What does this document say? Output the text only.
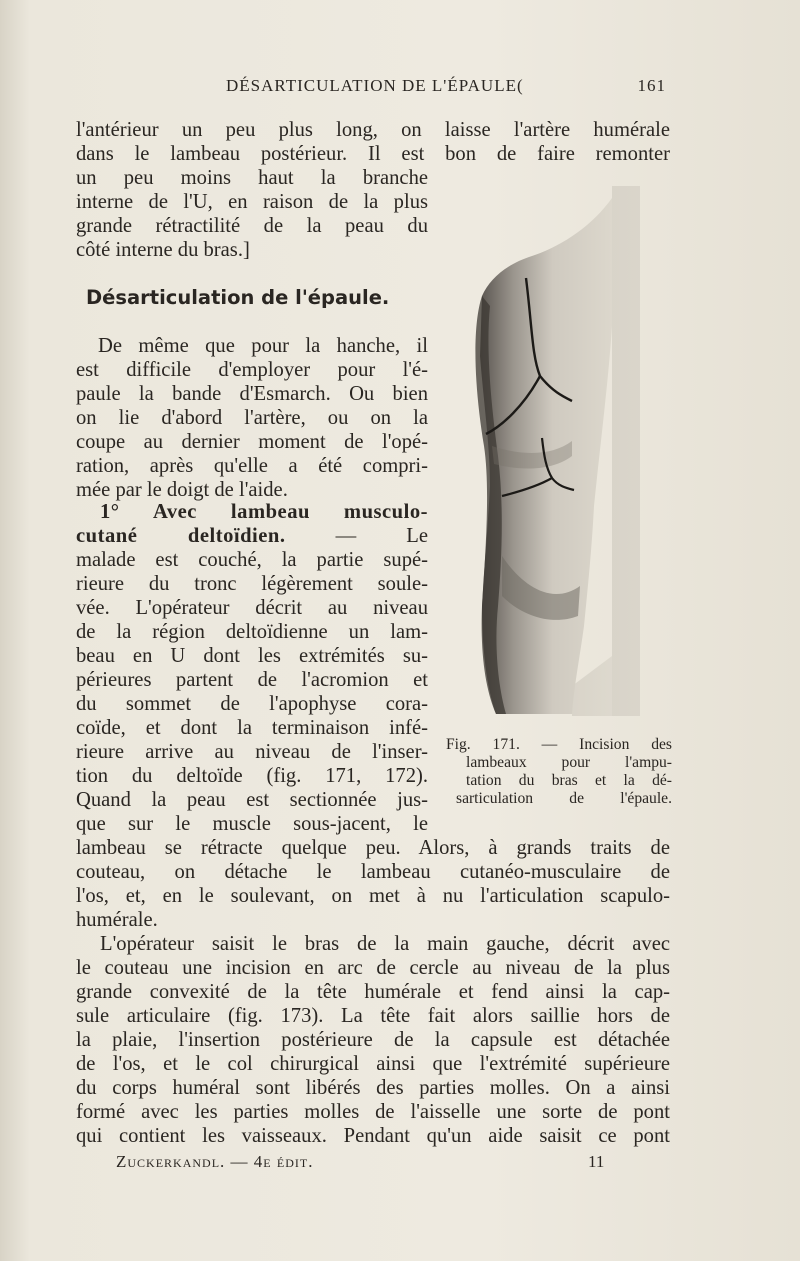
DÉSARTICULATION DE L'ÉPAULE(	161
l'antérieur un peu plus long, on laisse l'artère humérale
dans le lambeau postérieur. Il est bon de faire remonter
un peu moins haut la branche
interne de l'U, en raison de la plus
grande rétractilité de la peau du
côté interne du bras.]
Désarticulation de l'épaule.
De même que pour la hanche, il
est difficile d'employer pour l'é-
paule la bande d'Esmarch. Ou bien
on lie d'abord l'artère, ou on la
coupe au dernier moment de l'opé-
ration, après qu'elle a été compri-
mée par le doigt de l'aide.
1° Avec lambeau musculo-
cutané deltoïdien. — Le
malade est couché, la partie supé-
rieure du tronc légèrement soule-
vée. L'opérateur décrit au niveau
de la région deltoïdienne un lam-
beau en U dont les extrémités su-
périeures partent de l'acromion et
du sommet de l'apophyse cora-
coïde, et dont la terminaison infé-
rieure arrive au niveau de l'inser-
tion du deltoïde (fig. 171, 172).
Quand la peau est sectionnée jus-
que sur le muscle sous-jacent, le
lambeau se rétracte quelque peu. Alors, à grands traits de
couteau, on détache le lambeau cutanéo-musculaire de
l'os, et, en le soulevant, on met à nu l'articulation scapulo-
humérale.
L'opérateur saisit le bras de la main gauche, décrit avec
le couteau une incision en arc de cercle au niveau de la plus
grande convexité de la tête humérale et fend ainsi la cap-
sule articulaire (fig. 173). La tête fait alors saillie hors de
la plaie, l'insertion postérieure de la capsule est détachée
de l'os, et le col chirurgical ainsi que l'extrémité supérieure
du corps huméral sont libérés des parties molles. On a ainsi
formé avec les parties molles de l'aisselle une sorte de pont
qui contient les vaisseaux. Pendant qu'un aide saisit ce pont
Fig. 171. — Incision des
lambeaux pour l'ampu-
tation du bras et la dé-
sarticulation de l'épaule.
Zuckerkandl. — 4e édit.	11
